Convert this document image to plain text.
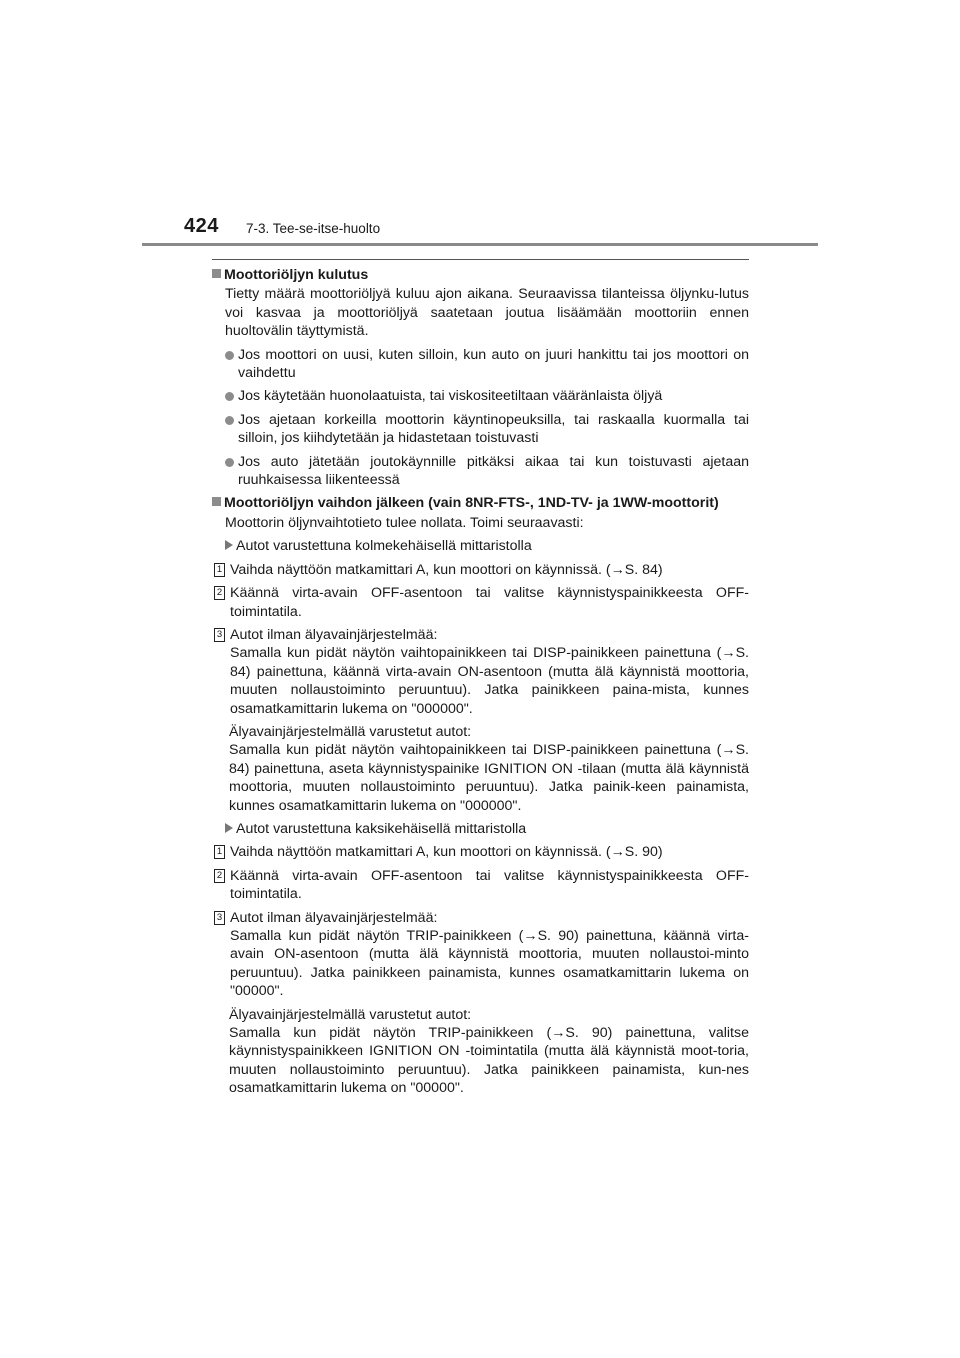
424 7-3. Tee-se-itse-huolto
Moottoriöljyn kulutus
Tietty määrä moottoriöljyä kuluu ajon aikana. Seuraavissa tilanteissa öljynku-lutus voi kasvaa ja moottoriöljyä saatetaan joutua lisäämään moottoriin ennen huoltovälin täyttymistä.
Jos moottori on uusi, kuten silloin, kun auto on juuri hankittu tai jos moottori on vaihdettu
Jos käytetään huonolaatuista, tai viskositeetiltaan vääränlaista öljyä
Jos ajetaan korkeilla moottorin käyntinopeuksilla, tai raskaalla kuormalla tai silloin, jos kiihdytetään ja hidastetaan toistuvasti
Jos auto jätetään joutokäynnille pitkäksi aikaa tai kun toistuvasti ajetaan ruuhkaisessa liikenteessä
Moottoriöljyn vaihdon jälkeen (vain 8NR-FTS-, 1ND-TV- ja 1WW-moottorit)
Moottorin öljynvaihtotieto tulee nollata. Toimi seuraavasti:
Autot varustettuna kolmekehäisellä mittaristolla
1 Vaihda näyttöön matkamittari A, kun moottori on käynnissä. (→S. 84)
2 Käännä virta-avain OFF-asentoon tai valitse käynnistyspainikkeesta OFF-toimintatila.
3 Autot ilman älyavainjärjestelmää:
Samalla kun pidät näytön vaihtopainikkeen tai DISP-painikkeen painettuna (→S. 84) painettuna, käännä virta-avain ON-asentoon (mutta älä käynnistä moottoria, muuten nollaustoiminto peruuntuu). Jatka painikkeen paina-mista, kunnes osamatkamittarin lukema on "000000".
Älyavainjärjestelmällä varustetut autot:
Samalla kun pidät näytön vaihtopainikkeen tai DISP-painikkeen painettuna (→S. 84) painettuna, aseta käynnistyspainike IGNITION ON -tilaan (mutta älä käynnistä moottoria, muuten nollaustoiminto peruuntuu). Jatka painik-keen painamista, kunnes osamatkamittarin lukema on "000000".
Autot varustettuna kaksikehäisellä mittaristolla
1 Vaihda näyttöön matkamittari A, kun moottori on käynnissä. (→S. 90)
2 Käännä virta-avain OFF-asentoon tai valitse käynnistyspainikkeesta OFF-toimintatila.
3 Autot ilman älyavainjärjestelmää:
Samalla kun pidät näytön TRIP-painikkeen (→S. 90) painettuna, käännä virta-avain ON-asentoon (mutta älä käynnistä moottoria, muuten nollaustoi-minto peruuntuu). Jatka painikkeen painamista, kunnes osamatkamittarin lukema on "00000".
Älyavainjärjestelmällä varustetut autot:
Samalla kun pidät näytön TRIP-painikkeen (→S. 90) painettuna, valitse käynnistyspainikkeen IGNITION ON -toimintatila (mutta älä käynnistä moot-toria, muuten nollaustoiminto peruuntuu). Jatka painikkeen painamista, kun-nes osamatkamittarin lukema on "00000".
